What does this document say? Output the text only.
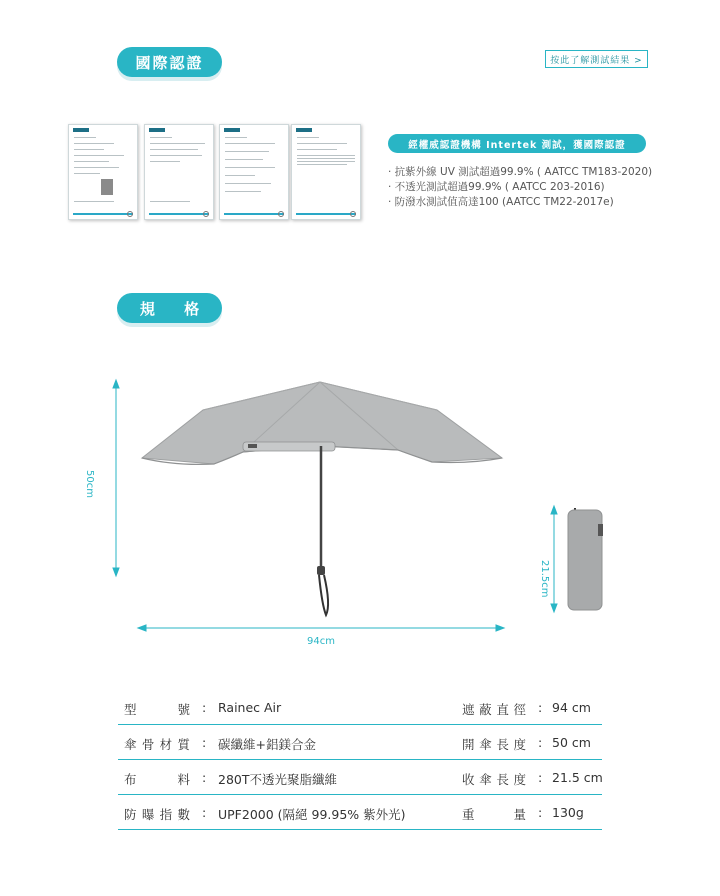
國際認證	按此了解測試結果 >
經權威認證機構 Intertek 測試，獲國際認證
· 抗紫外線 UV 測試超過99.9% ( AATCC TM183-2020)
· 不透光測試超過99.9% ( AATCC 203-2016)
· 防潑水測試值高達100 (AATCC TM22-2017e)
規 格
50cm
94cm
21.5cm
型 號 : Rainec Air	遮蔽直徑 : 94 cm
傘骨材質 : 碳纖維+鋁鎂合金	開傘長度 : 50 cm
布 料 : 280T不透光聚脂纖維	收傘長度 : 21.5 cm
防曝指數 : UPF2000 (隔絕 99.95% 紫外光)	重 量 : 130g
